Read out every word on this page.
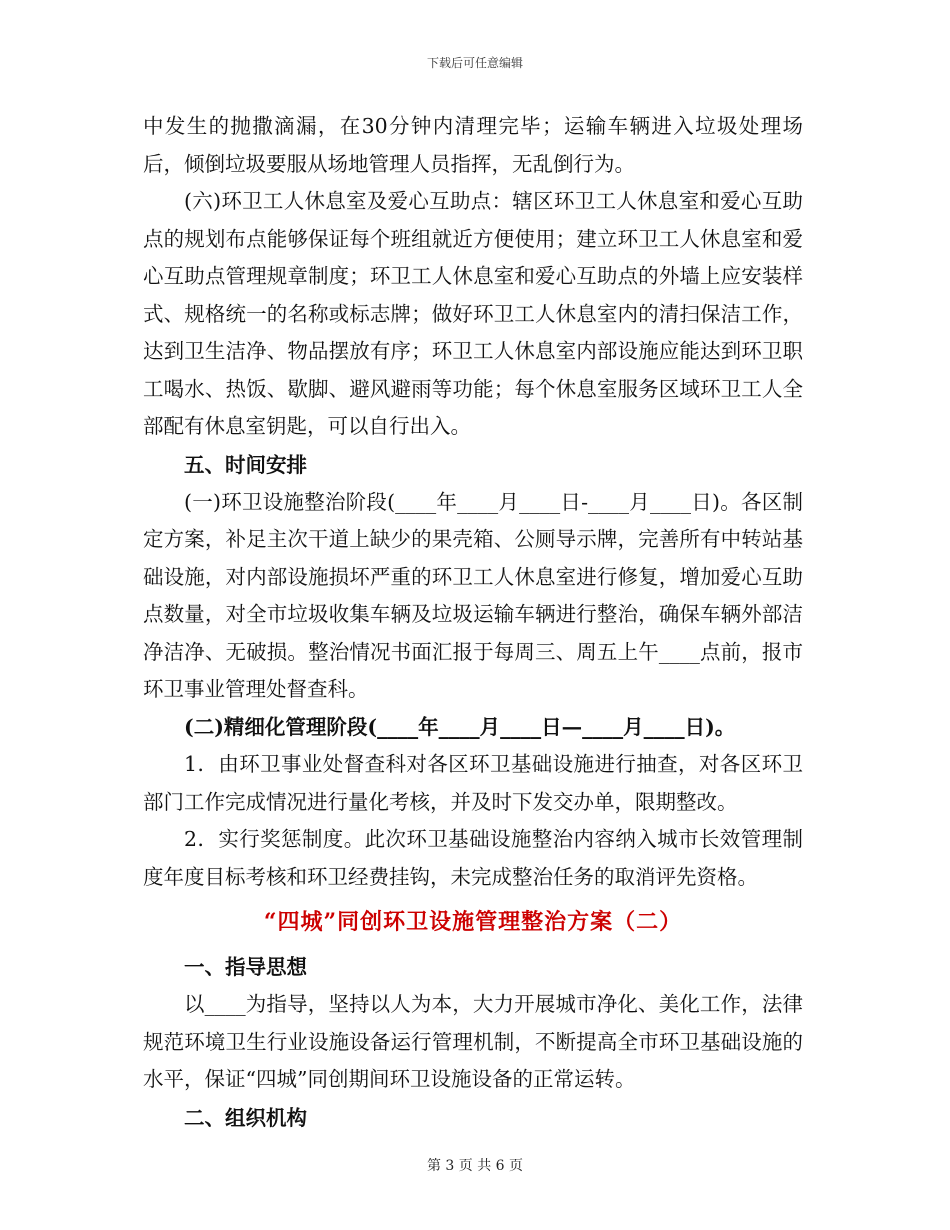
下载后可任意编辑

中发生的抛撒滴漏，在30分钟内清理完毕；运输车辆进入垃圾处理场后，倾倒垃圾要服从场地管理人员指挥，无乱倒行为。

(六)环卫工人休息室及爱心互助点：辖区环卫工人休息室和爱心互助点的规划布点能够保证每个班组就近方便使用；建立环卫工人休息室和爱心互助点管理规章制度；环卫工人休息室和爱心互助点的外墙上应安装样式、规格统一的名称或标志牌；做好环卫工人休息室内的清扫保洁工作，达到卫生洁净、物品摆放有序；环卫工人休息室内部设施应能达到环卫职工喝水、热饭、歇脚、避风避雨等功能；每个休息室服务区域环卫工人全部配有休息室钥匙，可以自行出入。

五、时间安排

(一)环卫设施整治阶段(____年____月____日-____月____日)。各区制定方案，补足主次干道上缺少的果壳箱、公厕导示牌，完善所有中转站基础设施，对内部设施损坏严重的环卫工人休息室进行修复，增加爱心互助点数量，对全市垃圾收集车辆及垃圾运输车辆进行整治，确保车辆外部洁净洁净、无破损。整治情况书面汇报于每周三、周五上午____点前，报市环卫事业管理处督查科。

(二)精细化管理阶段(____年____月____日—____月____日)。

1．由环卫事业处督查科对各区环卫基础设施进行抽查，对各区环卫部门工作完成情况进行量化考核，并及时下发交办单，限期整改。

2．实行奖惩制度。此次环卫基础设施整治内容纳入城市长效管理制度年度目标考核和环卫经费挂钩，未完成整治任务的取消评先资格。

“四城”同创环卫设施管理整治方案（二）

一、指导思想

以____为指导，坚持以人为本，大力开展城市净化、美化工作，法律规范环境卫生行业设施设备运行管理机制，不断提高全市环卫基础设施的水平，保证“四城”同创期间环卫设施设备的正常运转。

二、组织机构

第 3 页 共 6 页
